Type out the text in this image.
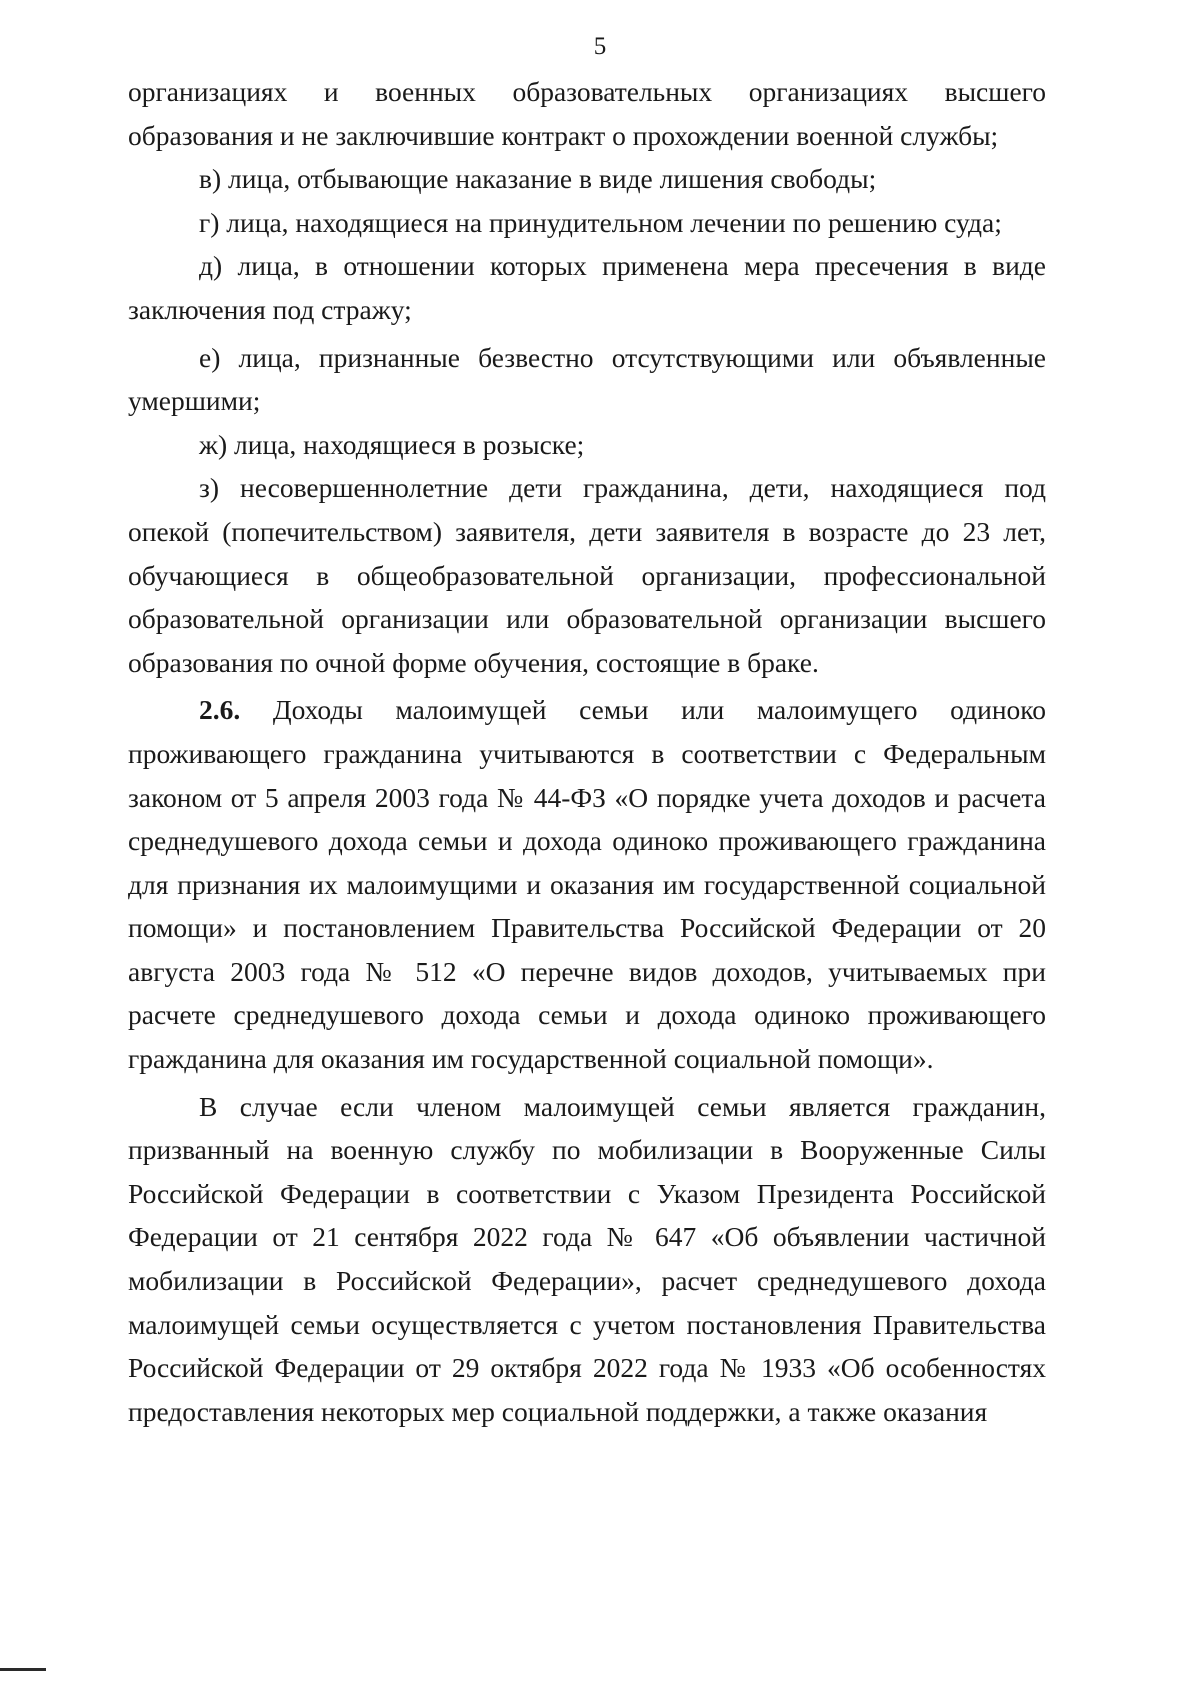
5

организациях и военных образовательных организациях высшего образования и не заключившие контракт о прохождении военной службы;

в) лица, отбывающие наказание в виде лишения свободы;

г) лица, находящиеся на принудительном лечении по решению суда;

д) лица, в отношении которых применена мера пресечения в виде заключения под стражу;

е) лица, признанные безвестно отсутствующими или объявленные умершими;

ж) лица, находящиеся в розыске;

з) несовершеннолетние дети гражданина, дети, находящиеся под опекой (попечительством) заявителя, дети заявителя в возрасте до 23 лет, обучающиеся в общеобразовательной организации, профессиональной образовательной организации или образовательной организации высшего образования по очной форме обучения, состоящие в браке.

2.6. Доходы малоимущей семьи или малоимущего одиноко проживающего гражданина учитываются в соответствии с Федеральным законом от 5 апреля 2003 года № 44-ФЗ «О порядке учета доходов и расчета среднедушевого дохода семьи и дохода одиноко проживающего гражданина для признания их малоимущими и оказания им государственной социальной помощи» и постановлением Правительства Российской Федерации от 20 августа 2003 года № 512 «О перечне видов доходов, учитываемых при расчете среднедушевого дохода семьи и дохода одиноко проживающего гражданина для оказания им государственной социальной помощи».

В случае если членом малоимущей семьи является гражданин, призванный на военную службу по мобилизации в Вооруженные Силы Российской Федерации в соответствии с Указом Президента Российской Федерации от 21 сентября 2022 года № 647 «Об объявлении частичной мобилизации в Российской Федерации», расчет среднедушевого дохода малоимущей семьи осуществляется с учетом постановления Правительства Российской Федерации от 29 октября 2022 года № 1933 «Об особенностях предоставления некоторых мер социальной поддержки, а также оказания
